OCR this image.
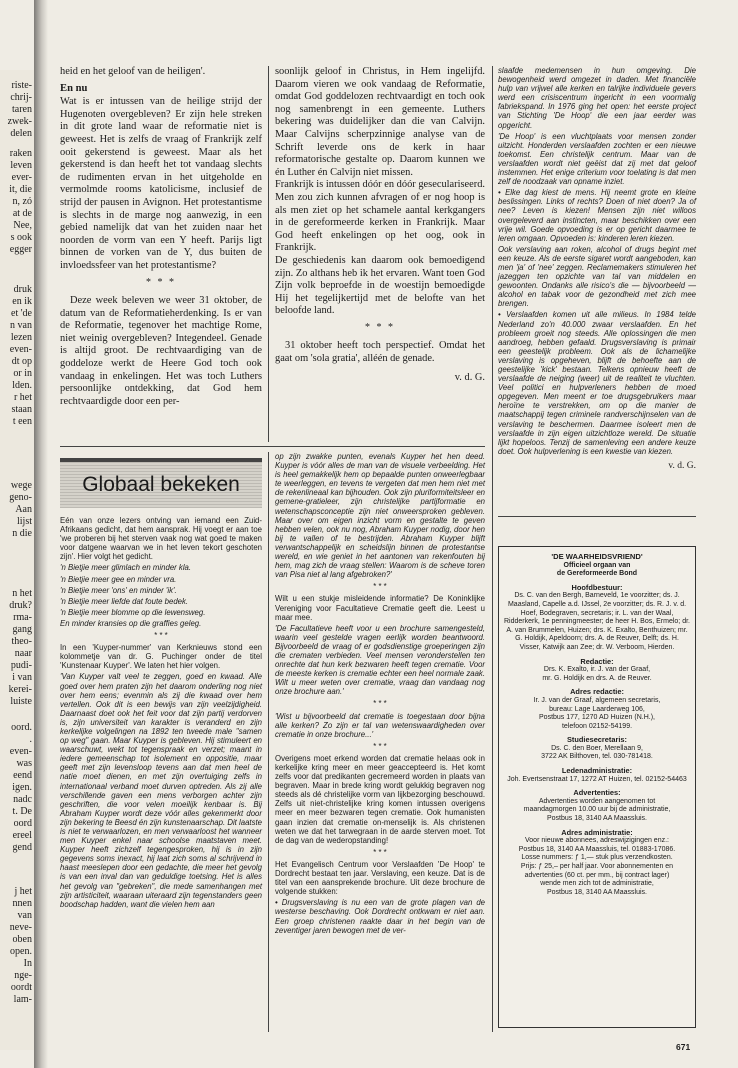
riste-
chrij-
taren
zwek-
delen
raken
leven
ever-
it, die
n, zó
at de
Nee,
s ook
egger
druk
en ik
et 'de
n van
lezen
even-
dt op
or in
lden.
r het
staan
t een
wege
geno-
Aan
lijst
n die
n het
druk?
rma-
gang
theo-
naar
pudi-
i van
kerei-
luiste
oord.
.
even-
was
eend
igen.
nadc
t. De
oord
ereel
gend
j het
nnen
van
neve-
oben
open.
In
nge-
oordt
lam-

heid en het geloof van de heiligen'.

En nu

Wat is er intussen van de heilige strijd der Hugenoten overgebleven? Er zijn hele streken in dit grote land waar de reformatie niet is geweest. Het is zelfs de vraag of Frankrijk zelf ooit gekerstend is geweest. Maar als het gekerstend is dan heeft het tot vandaag slechts de rudimenten ervan in het uitgeholde en vermolmde rooms katolicisme, inclusief de strijd der pausen in Avignon. Het protestantisme is slechts in de marge nog aanwezig, in een gebied namelijk dat van het zuiden naar het noorden de vorm van een Y heeft. Parijs ligt binnen de vorken van de Y, dus buiten de invloedssfeer van het protestantisme?

* * *

Deze week beleven we weer 31 oktober, de datum van de Reformatieherdenking. Is er van de Reformatie, tegenover het machtige Rome, niet weinig overgebleven? Integendeel. Genade is altijd groot. De rechtvaardiging van de goddeloze werkt de Heere God toch ook vandaag in enkelingen. Het was toch Luthers persoonlijke ontdekking, dat God hem rechtvaardigde door een per-

soonlijk geloof in Christus, in Hem ingelijfd. Daarom vieren we ook vandaag de Reformatie, omdat God goddelozen rechtvaardigt en toch ook nog samenbrengt in een gemeente. Luthers bekering was duidelijker dan die van Calvijn. Maar Calvijns scherpzinnige analyse van de Schrift leverde ons de kerk in haar reformatorische gestalte op. Daarom kunnen we én Luther én Calvijn niet missen.

Frankrijk is intussen dóór en dóór geseculariseerd. Men zou zich kunnen afvragen of er nog hoop is als men ziet op het schamele aantal kerkgangers in de gereformeerde kerken in Frankrijk. Maar God heeft enkelingen op het oog, ook in Frankrijk.

De geschiedenis kan daarom ook bemoedigend zijn. Zo althans heb ik het ervaren. Want toen God Zijn volk beproefde in de woestijn bemoedigde Hij het tegelijkertijd met de belofte van het beloofde land.

* * *

31 oktober heeft toch perspectief. Omdat het gaat om 'sola gratia', alléén de genade.

v. d. G.

Globaal bekeken

Eén van onze lezers ontving van iemand een Zuid-Afrikaans gedicht, dat hem aansprak. Hij voegt er aan toe 'we proberen bij het sterven vaak nog wat goed te maken voor datgene waarvan we in het leven tekort geschoten zijn'. Hier volgt het gedicht.

'n Bietjie meer glimlach en minder kla.

'n Bietjie meer gee en minder vra.

'n Bietjie meer 'ons' en minder 'ik'.

'n Bietjie meer liefde dat foute bedek.

'n Bietjie meer blomme op die lewensweg.

En minder kransies op die graffies geleg.

* * *

In een 'Kuyper-nummer' van Kerknieuws stond een kolommetje van dr. G. Puchinger onder de titel 'Kunstenaar Kuyper'. We laten het hier volgen.

'Van Kuyper valt veel te zeggen, goed en kwaad. Alle goed over hem praten zijn het daarom onderling nog niet over hem eens; evenmin als zij die kwaad over hem vertellen. Ook dit is een bewijs van zijn veelzijdigheid. Daarnaast doet ook het feit voor dat zijn partij verdorven is, zijn universiteit van karakter is veranderd en zijn kerkelijke volgelingen na 1892 ten tweede male "samen op weg" gaan. Maar Kuyper is gebleven. Hij stimuleert en waarschuwt, wekt tot tegenspraak en verzet; maant in iedere gemeenschap tot isolement en oppositie, maar geeft met zijn levensloop tevens aan dat men heel de natie moet dienen, en met zijn overtuiging zelfs in internationaal verband moet durven optreden. Als zij alle verschillende gaven een mens verborgen achter zijn geschriften, die voor velen moeilijk kenbaar is. Bij Abraham Kuyper wordt deze vóór alles gekenmerkt door zijn bekering te Beesd én zijn kunstenaarschap. Dit laatste is niet te verwaarlozen, en men verwaarloost het wanneer men Kuyper enkel naar schoolse maatstaven meet. Kuyper heeft zichzelf tegengesproken, hij is in zijn gegevens soms inexact, hij laat zich soms al schrijvend in haast meeslepen door een gedachte, die meer het gevolg is van een inval dan van geduldige toetsing. Het is alles het gevolg van "gebreken", die mede samenhangen met zijn artisticiteit, waaraan uiteraard zijn tegenstanders geen boodschap hadden, want die vielen hem aan

op zijn zwakke punten, evenals Kuyper het hen deed. Kuyper is vóór alles de man van de visuele verbeelding. Het is heel gemakkelijk hem op bepaalde punten onweerlegbaar te weerleggen, en tevens te vergeten dat men hem niet met de rekenlineaal kan bijhouden. Ook zijn pluriformiteitsleer en gemene-gratieleer, zijn christelijke partijformatie en wetenschapsconceptie zijn niet onweersproken gebleven. Maar over om eigen inzicht vorm en gestalte te geven hebben velen, ook nu nog, Abraham Kuyper nodig, door hen bij te vallen of te bestrijden. Abraham Kuyper blijft verwantschappelijk en scheidslijn binnen de protestantse wereld, en wie geniet in het aantonen van rekenfouten bij hem, mag zich de vraag stellen: Waarom is de scheve toren van Pisa niet al lang afgebroken?'

* * *

Wilt u een stukje misleidende informatie? De Koninklijke Vereniging voor Facultatieve Crematie geeft die. Leest u maar mee.

'De Facultatieve heeft voor u een brochure samengesteld, waarin veel gestelde vragen eerlijk worden beantwoord. Bijvoorbeeld de vraag of er godsdienstige groeperingen zijn die crematen verbieden. Veel mensen veronderstellen ten onrechte dat hun kerk bezwaren heeft tegen crematie. Voor de meeste kerken is crematie echter een heel normale zaak. Wilt u meer weten over crematie, vraag dan vandaag nog onze brochure aan.'

* * *

'Wist u bijvoorbeeld dat crematie is toegestaan door bijna alle kerken? Zo zijn er tal van wetenswaardigheden over crematie in onze brochure...'

* * *

Overigens moet erkend worden dat crematie helaas ook in kerkelijke kring meer en meer geaccepteerd is. Het komt zelfs voor dat predikanten gecremeerd worden in plaats van begraven. Maar in brede kring wordt gelukkig begraven nog steeds als dé christelijke vorm van lijkbezorging beschouwd. Zelfs uit niet-christelijke kring komen intussen overigens meer en meer bezwaren tegen crematie. Ook humanisten gaan inzien dat crematie on-menselijk is. Als christenen weten we dat het tarwegraan in de aarde sterven moet. Tot de dag van de wederopstanding!

* * *

Het Evangelisch Centrum voor Verslaafden 'De Hoop' te Dordrecht bestaat ten jaar. Verslaving, een keuze. Dat is de titel van een aansprekende brochure. Uit deze brochure de volgende stukken:

• Drugsverslaving is nu een van de grote plagen van de westerse beschaving. Ook Dordrecht ontkwam er niet aan. Een groep christenen raakte daar in het begin van de zeventiger jaren bewogen met de ver-

slaafde medemensen in hun omgeving. Die bewogenheid werd omgezet in daden. Met financiële hulp van vrijwel alle kerken en talrijke individuele gevers werd een crisiscentrum ingericht in een voormalig fabriekspand. In 1976 ging het open: het eerste project van Stichting 'De Hoop' die een jaar eerder was opgericht.

'De Hoop' is een vluchtplaats voor mensen zonder uitzicht. Honderden verslaafden zochten er een nieuwe toekomst. Een christelijk centrum. Maar van de verslaafden wordt niet geëist dat zij met dat geloof instemmen. Het enige criterium voor toelating is dat men zelf de noodzaak van opname inziet.

• Elke dag kiest de mens. Hij neemt grote en kleine beslissingen. Links of rechts? Doen of niet doen? Ja of nee? Leven is kiezen! Mensen zijn niet willoos overgeleverd aan instincten, maar beschikken over een vrije wil. Goede opvoeding is er op gericht daarmee te leren omgaan. Opvoeden is: kinderen leren kiezen.

Ook verslaving aan roken, alcohol of drugs begint met een keuze. Als de eerste sigaret wordt aangeboden, kan men 'ja' of 'nee' zeggen. Reclamemakers stimuleren het jazeggen ten opzichte van tal van middelen en gewoonten. Ondanks alle risico's die — bijvoorbeeld — alcohol en tabak voor de gezondheid met zich mee brengen.

• Verslaafden komen uit alle milieus. In 1984 telde Nederland zo'n 40.000 zwaar verslaafden. En het probleem groeit nog steeds. Alle oplossingen die men aandroeg, hebben gefaald. Drugsverslaving is primair een geestelijk probleem. Ook als de lichamelijke verslaving is opgeheven, blijft de behoefte aan de geestelijke 'kick' bestaan. Telkens opnieuw heeft de verslaafde de neiging (weer) uit de realiteit te vluchten. Veel politici en hulpverleners hebben de moed opgegeven. Men meent er toe drugsgebruikers maar heroïne te verstrekken, om op die manier de maatschappij tegen criminele randverschijnselen van de verslaving te beschermen. Daarmee isoleert men de verslaafde in zijn eigen uitzichtloze wereld. De situatie lijkt hopeloos. Tenzij de samenleving een andere keuze doet. Ook hulpverlening is een kwestie van kiezen.

v. d. G.

'DE WAARHEIDSVRIEND'

Officieel orgaan van

de Gereformeerde Bond

Hoofdbestuur:

Ds. C. van den Bergh, Barneveld, 1e voorzitter; ds. J. Maasland, Capelle a.d. IJssel, 2e voorzitter; ds. R. J. v. d. Hoef, Bodegraven, secretaris; ir. L. van der Waal, Ridderkerk, 1e penningmeester; de heer H. Bos, Ermelo; dr. A. van Brummelen, Huizen; drs. K. Exalto, Benthuizen; mr. G. Holdijk, Apeldoorn; drs. A. de Reuver, Delft; ds. H. Visser, Katwijk aan Zee; dr. W. Verboom, Hierden.

Redactie:

Drs. K. Exalto, ir. J. van der Graaf,

mr. G. Holdijk en drs. A. de Reuver.

Adres redactie:

Ir. J. van der Graaf, algemeen secretaris,

bureau: Lage Laarderweg 106,

Postbus 177, 1270 AD Huizen (N.H.),

telefoon 02152-54199.

Studiesecretaris:

Ds. C. den Boer, Merellaan 9,

3722 AK Bilthoven, tel. 030-781418.

Ledenadministratie:

Joh. Evertsenstraat 17, 1272 AT Huizen, tel. 02152-54463

Advertenties:

Advertenties worden aangenomen tot

maandagmorgen 10.00 uur bij de administratie,

Postbus 18, 3140 AA Maassluis.

Adres administratie:

Voor nieuwe abonnees, adreswijzigingen enz.:

Postbus 18, 3140 AA Maassluis, tel. 01883-17086.

Losse nummers: ƒ 1,— stuk plus verzendkosten.

Prijs: ƒ 25,– per half jaar. Voor abonnementen en

advertenties (60 ct. per mm., bij contract lager)

wende men zich tot de administratie,

Postbus 18, 3140 AA Maassluis.

671
